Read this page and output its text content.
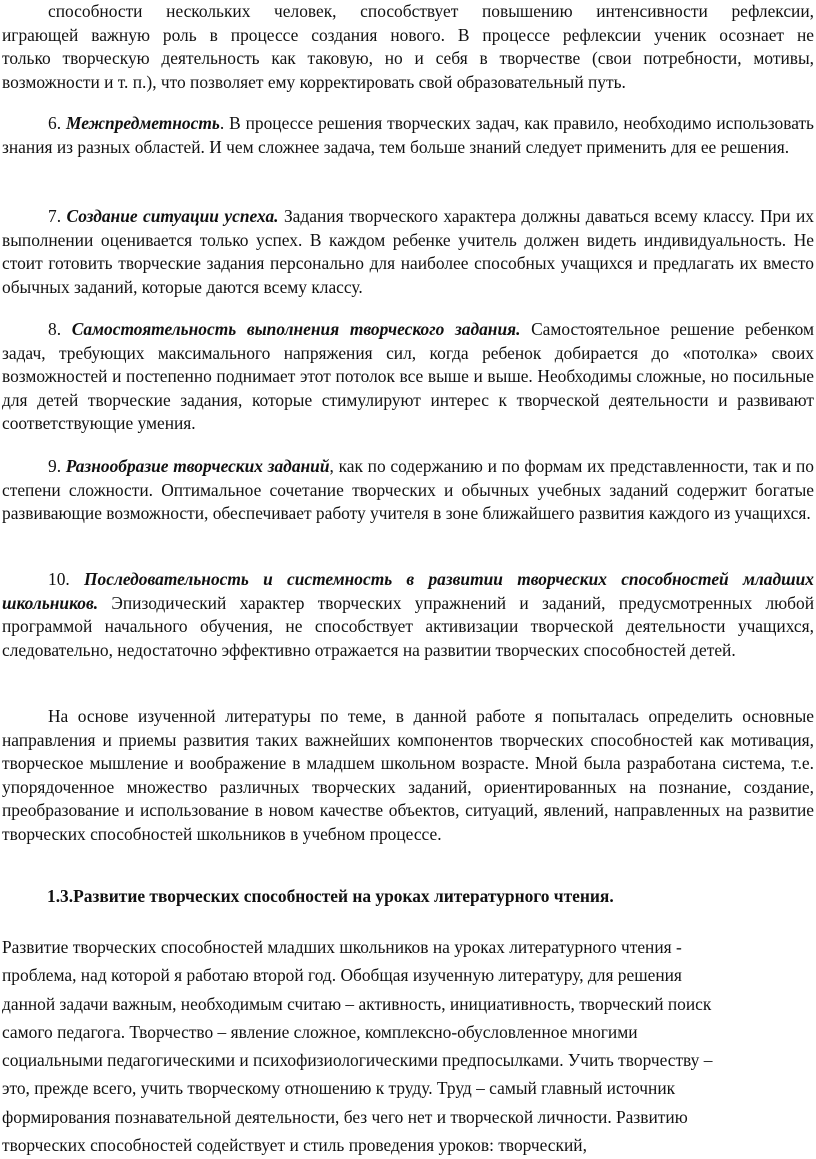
способности нескольких человек, способствует повышению интенсивности рефлексии,
играющей важную роль в процессе создания нового. В процессе рефлексии ученик осознает не
только творческую деятельность как таковую, но и себя в творчестве (свои потребности, мотивы,
возможности и т. п.), что позволяет ему корректировать свой образовательный путь.

6. Межпредметность. В процессе решения творческих задач, как правило, необходимо использовать знания из разных областей. И чем сложнее задача, тем больше знаний следует применить для ее решения.

7. Создание ситуации успеха. Задания творческого характера должны даваться всему классу. При их выполнении оценивается только успех. В каждом ребенке учитель должен видеть индивидуальность. Не стоит готовить творческие задания персонально для наиболее способных учащихся и предлагать их вместо обычных заданий, которые даются всему классу.

8. Самостоятельность выполнения творческого задания. Самостоятельное решение ребенком задач, требующих максимального напряжения сил, когда ребенок добирается до «потолка» своих возможностей и постепенно поднимает этот потолок все выше и выше. Необходимы сложные, но посильные для детей творческие задания, которые стимулируют интерес к творческой деятельности и развивают соответствующие умения.

9. Разнообразие творческих заданий, как по содержанию и по формам их представленности, так и по степени сложности. Оптимальное сочетание творческих и обычных учебных заданий содержит богатые развивающие возможности, обеспечивает работу учителя в зоне ближайшего развития каждого из учащихся.

10. Последовательность и системность в развитии творческих способностей младших школьников. Эпизодический характер творческих упражнений и заданий, предусмотренных любой программой начального обучения, не способствует активизации творческой деятельности учащихся, следовательно, недостаточно эффективно отражается на развитии творческих способностей детей.

На основе изученной литературы по теме, в данной работе я попыталась определить основные направления и приемы развития таких важнейших компонентов творческих способностей как мотивация, творческое мышление и воображение в младшем школьном возрасте. Мной была разработана система, т.е. упорядоченное множество различных творческих заданий, ориентированных на познание, создание, преобразование и использование в новом качестве объектов, ситуаций, явлений, направленных на развитие творческих способностей школьников в учебном процессе.

1.3.Развитие творческих способностей на уроках литературного чтения.

Развитие творческих способностей младших школьников на уроках литературного чтения -
проблема, над которой я работаю второй год. Обобщая изученную литературу, для решения
данной задачи важным, необходимым считаю – активность, инициативность, творческий поиск
самого педагога. Творчество – явление сложное, комплексно-обусловленное многими
социальными педагогическими и психофизиологическими предпосылками. Учить творчеству –
это, прежде всего, учить творческому отношению к труду. Труд – самый главный источник
формирования познавательной деятельности, без чего нет и творческой личности. Развитию
творческих способностей содействует и стиль проведения уроков: творческий,
